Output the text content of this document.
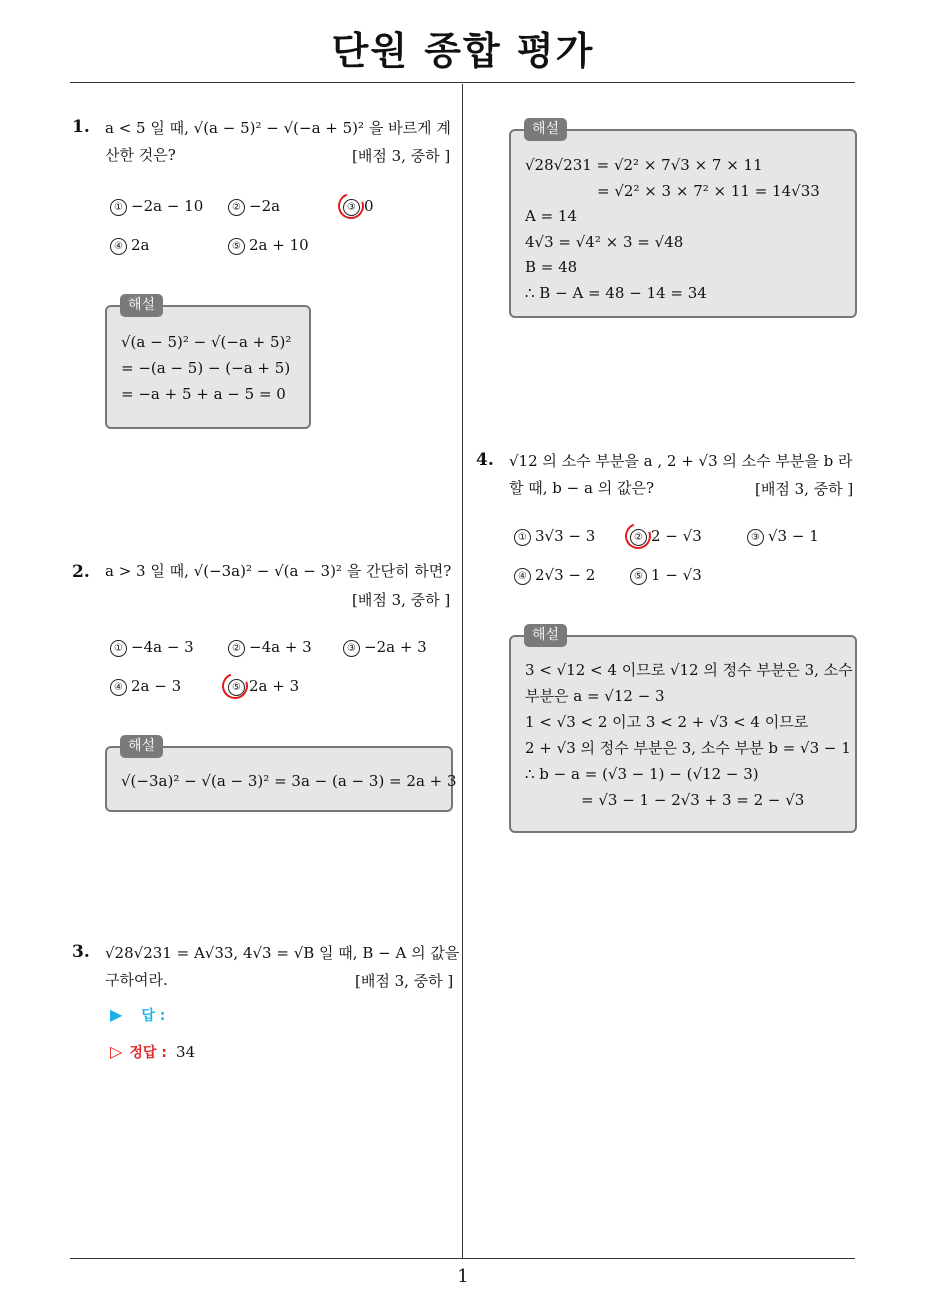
단원 종합 평가
1
1. a < 5 일 때, √(a − 5)² − √(−a + 5)² 을 바르게 계
산한 것은?	[배점 3, 중하 ]
① −2a − 10	② −2a	③ 0
④ 2a	⑤ 2a + 10
√(a − 5)² − √(−a + 5)²
= −(a − 5) − (−a + 5)
= −a + 5 + a − 5 = 0
해설
2. a > 3 일 때, √(−3a)² − √(a − 3)² 을 간단히 하면?
[배점 3, 중하 ]
① −4a − 3	② −4a + 3	③ −2a + 3
④ 2a − 3	⑤ 2a + 3
√(−3a)² − √(a − 3)² = 3a − (a − 3) = 2a + 3
해설
3. √28√231 = A√33, 4√3 = √B 일 때, B − A 의 값을
구하여라.	[배점 3, 중하 ]
▶ 답 :
▷ 정답 : 34
√28√231 = √2² × 7√3 × 7 × 11
= √2² × 3 × 7² × 11 = 14√33
A = 14
4√3 = √4² × 3 = √48
B = 48
∴ B − A = 48 − 14 = 34
해설
4. √12 의 소수 부분을 a , 2 + √3 의 소수 부분을 b 라
할 때, b − a 의 값은?	[배점 3, 중하 ]
① 3√3 − 3	② 2 − √3	③ √3 − 1
④ 2√3 − 2	⑤ 1 − √3
3 < √12 < 4 이므로 √12 의 정수 부분은 3, 소수
부분은 a = √12 − 3
1 < √3 < 2 이고 3 < 2 + √3 < 4 이므로
2 + √3 의 정수 부분은 3, 소수 부분 b = √3 − 1
∴ b − a = (√3 − 1) − (√12 − 3)
= √3 − 1 − 2√3 + 3 = 2 − √3
해설
